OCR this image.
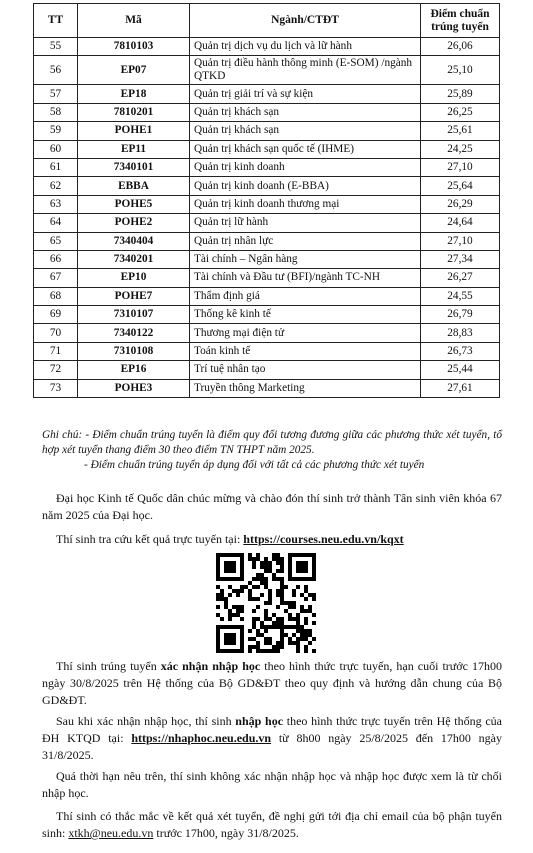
TT	Mã	Ngành/CTĐT	Điểm chuẩn
trúng tuyển
55	7810103	Quản trị dịch vụ du lịch và lữ hành	26,06
56	EP07	Quản trị điều hành thông minh (E-SOM) /ngành QTKD	25,10
57	EP18	Quản trị giải trí và sự kiện	25,89
58	7810201	Quản trị khách sạn	26,25
59	POHE1	Quản trị khách sạn	25,61
60	EP11	Quản trị khách sạn quốc tế (IHME)	24,25
61	7340101	Quản trị kinh doanh	27,10
62	EBBA	Quản trị kinh doanh (E-BBA)	25,64
63	POHE5	Quản trị kinh doanh thương mại	26,29
64	POHE2	Quản trị lữ hành	24,64
65	7340404	Quản trị nhân lực	27,10
66	7340201	Tài chính – Ngân hàng	27,34
67	EP10	Tài chính và Đầu tư (BFI)/ngành TC-NH	26,27
68	POHE7	Thẩm định giá	24,55
69	7310107	Thống kê kinh tế	26,79
70	7340122	Thương mại điện tử	28,83
71	7310108	Toán kinh tế	26,73
72	EP16	Trí tuệ nhân tạo	25,44
73	POHE3	Truyền thông Marketing	27,61
Ghi chú: - Điểm chuẩn trúng tuyển là điểm quy đổi tương đương giữa các phương thức xét tuyển, tổ hợp xét tuyển thang điểm 30 theo điểm TN THPT năm 2025.
- Điểm chuẩn trúng tuyển áp dụng đối với tất cả các phương thức xét tuyển

Đại học Kinh tế Quốc dân chúc mừng và chào đón thí sinh trở thành Tân sinh viên khóa 67 năm 2025 của Đại học.

Thí sinh tra cứu kết quả trực tuyến tại: https://courses.neu.edu.vn/kqxt

Thí sinh trúng tuyển xác nhận nhập học theo hình thức trực tuyến, hạn cuối trước 17h00 ngày 30/8/2025 trên Hệ thống của Bộ GD&ĐT theo quy định và hướng dẫn chung của Bộ GD&ĐT.

Sau khi xác nhận nhập học, thí sinh nhập học theo hình thức trực tuyến trên Hệ thống của ĐH KTQD tại: https://nhaphoc.neu.edu.vn từ 8h00 ngày 25/8/2025 đến 17h00 ngày 31/8/2025.

Quá thời hạn nêu trên, thí sinh không xác nhận nhập học và nhập học được xem là từ chối nhập học.

Thí sinh có thắc mắc về kết quả xét tuyển, đề nghị gửi tới địa chỉ email của bộ phận tuyển sinh: xtkh@neu.edu.vn trước 17h00, ngày 31/8/2025.
